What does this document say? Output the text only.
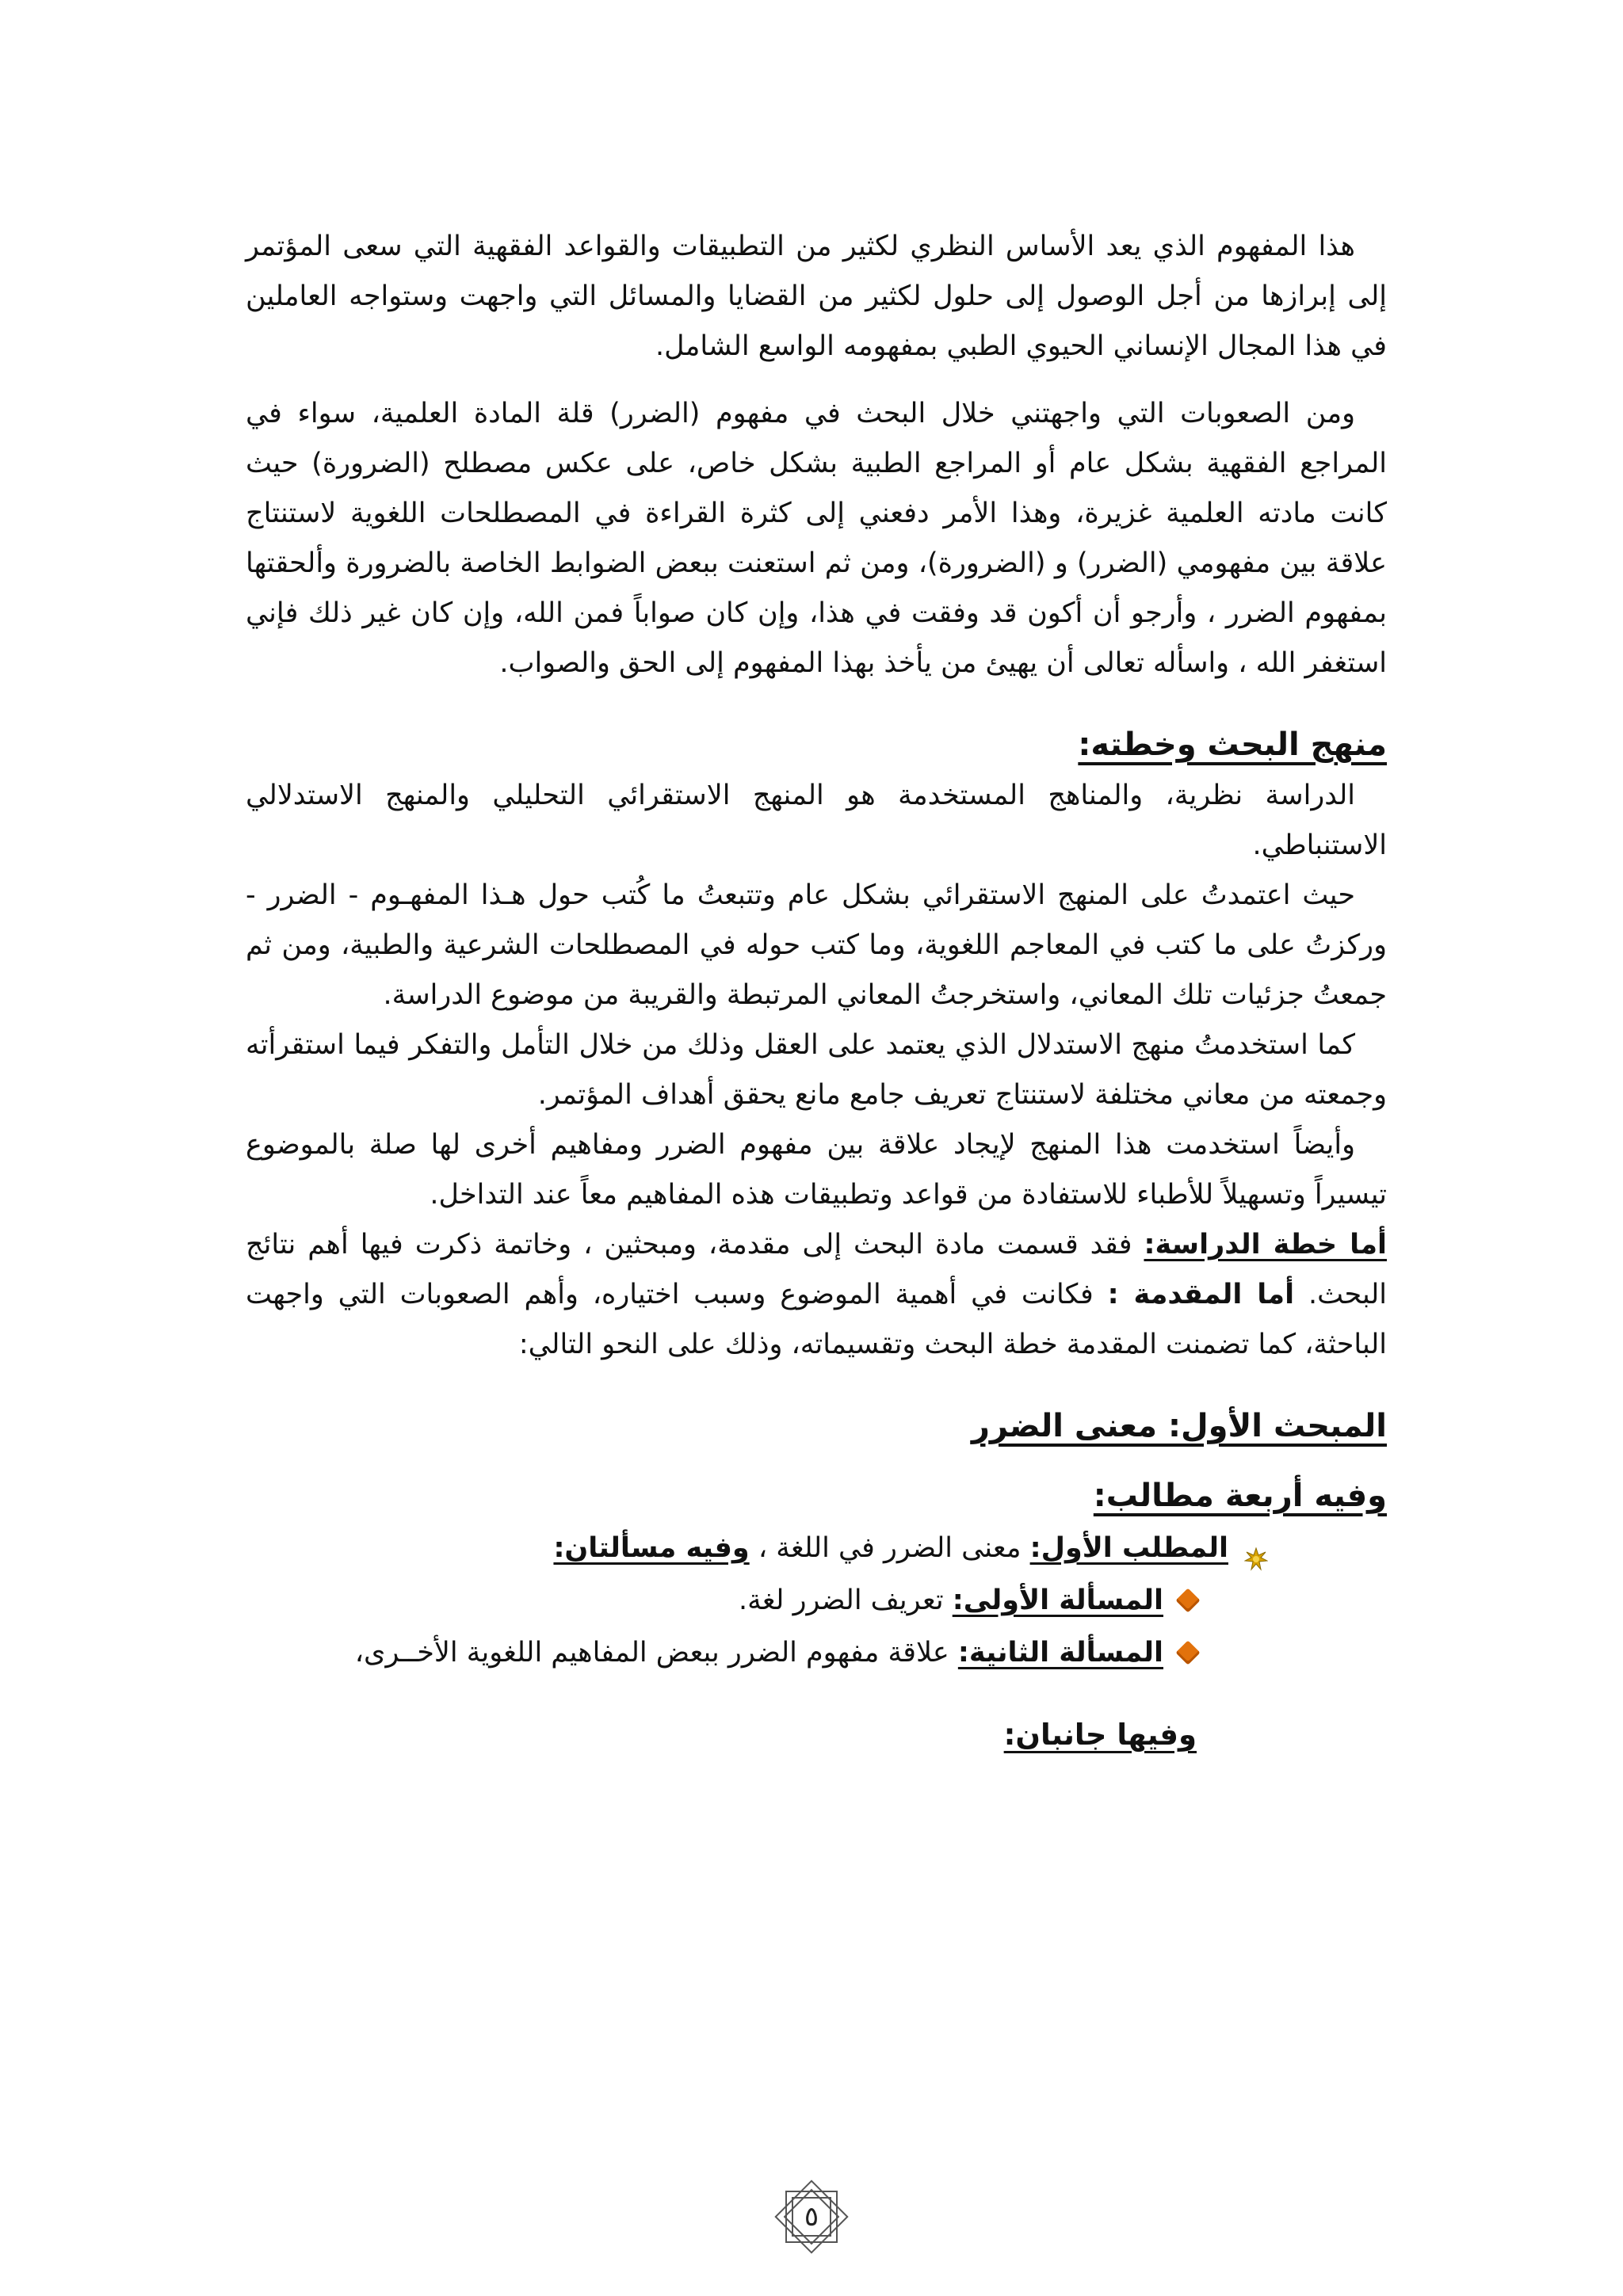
هذا المفهوم الذي يعد الأساس النظري لكثير من التطبيقات والقواعد الفقهية التي سعى المؤتمر إلى إبرازها من أجل الوصول إلى حلول لكثير من القضايا والمسائل التي واجهت وستواجه العاملين في هذا المجال الإنساني الحيوي الطبي بمفهومه الواسع الشامل.

ومن الصعوبات التي واجهتني خلال البحث في مفهوم (الضرر) قلة المادة العلمية، سواء في المراجع الفقهية بشكل عام أو المراجع الطبية بشكل خاص، على عكس مصطلح (الضرورة) حيث كانت مادته العلمية غزيرة، وهذا الأمر دفعني إلى كثرة القراءة في المصطلحات اللغوية لاستنتاج علاقة بين مفهومي (الضرر) و (الضرورة)، ومن ثم استعنت ببعض الضوابط الخاصة بالضرورة وألحقتها بمفهوم الضرر ، وأرجو أن أكون قد وفقت في هذا، وإن كان صواباً فمن الله، وإن كان غير ذلك فإني استغفر الله ، واسأله تعالى أن يهيئ من يأخذ بهذا المفهوم إلى الحق والصواب.

منهج البحث وخطته:

الدراسة نظرية، والمناهج المستخدمة هو المنهج الاستقرائي التحليلي والمنهج الاستدلالي الاستنباطي.

حيث اعتمدتُ على المنهج الاستقرائي بشكل عام وتتبعتُ ما كُتب حول هـذا المفهـوم - الضرر - وركزتُ على ما كتب في المعاجم اللغوية، وما كتب حوله في المصطلحات الشرعية والطبية، ومن ثم جمعتُ جزئيات تلك المعاني، واستخرجتُ المعاني المرتبطة والقريبة من موضوع الدراسة.

كما استخدمتُ منهج الاستدلال الذي يعتمد على العقل وذلك من خلال التأمل والتفكر فيما استقرأته وجمعته من معاني مختلفة لاستنتاج تعريف جامع مانع يحقق أهداف المؤتمر.

وأيضاً استخدمت هذا المنهج لإيجاد علاقة بين مفهوم الضرر ومفاهيم أخرى لها صلة بالموضوع تيسيراً وتسهيلاً للأطباء للاستفادة من قواعد وتطبيقات هذه المفاهيم معاً عند التداخل.

أما خطة الدراسة: فقد قسمت مادة البحث إلى مقدمة، ومبحثين ، وخاتمة ذكرت فيها أهم نتائج البحث. أما المقدمة : فكانت في أهمية الموضوع وسبب اختياره، وأهم الصعوبات التي واجهت الباحثة، كما تضمنت المقدمة خطة البحث وتقسيماته، وذلك على النحو التالي:

المبحث الأول: معنى الضرر
وفيه أربعة مطالب:

المطلب الأول: معنى الضرر في اللغة ، وفيه مسألتان:

المسألة الأولى: تعريف الضرر لغة.

المسألة الثانية: علاقة مفهوم الضرر ببعض المفاهيم اللغوية الأخــرى،

وفيها جانبان:

٥
